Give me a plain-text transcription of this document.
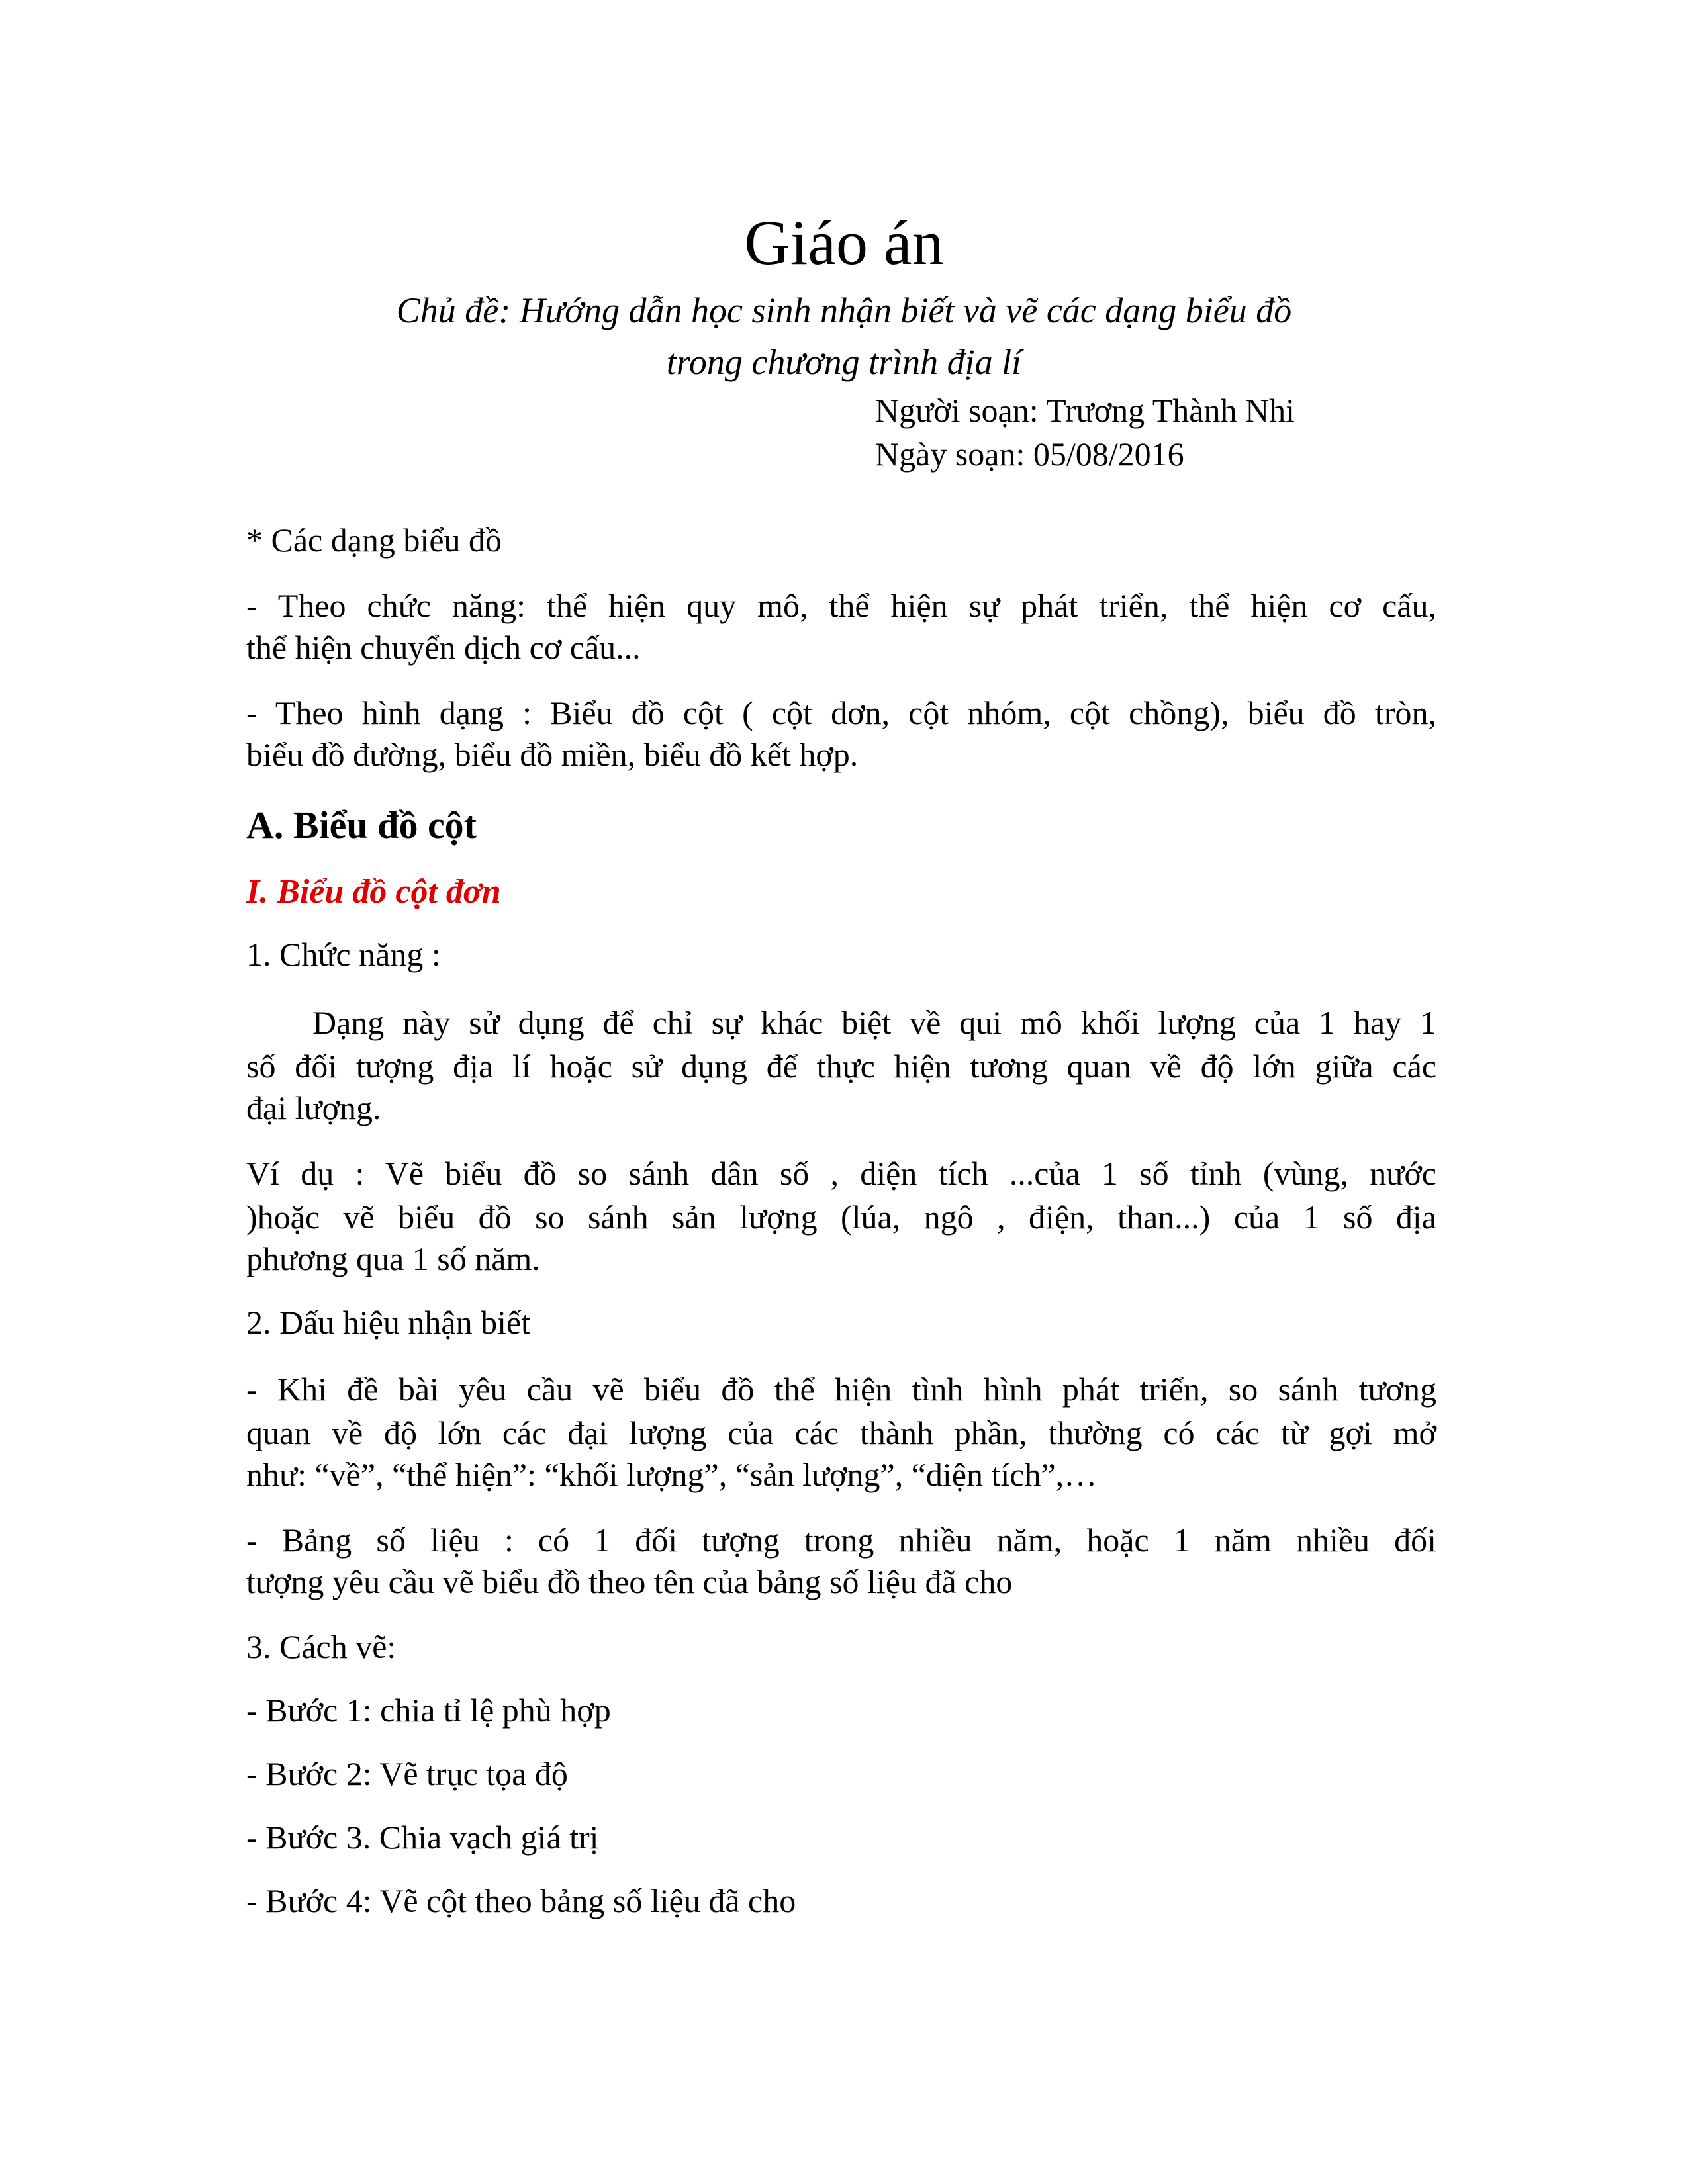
Giáo án
Chủ đề: Hướng dẫn học sinh nhận biết và vẽ các dạng biểu đồ
trong chương trình địa lí
Người soạn: Trương Thành Nhi
Ngày soạn: 05/08/2016
* Các dạng biểu đồ
- Theo chức năng: thể hiện quy mô, thể hiện sự phát triển, thể hiện cơ cấu,
thể hiện chuyển dịch cơ cấu...
- Theo hình dạng : Biểu đồ cột ( cột dơn, cột nhóm, cột chồng), biểu đồ tròn,
biểu đồ đường, biểu đồ miền, biểu đồ kết hợp.
A. Biểu đồ cột
I. Biểu đồ cột đơn
1. Chức năng :
Dạng này sử dụng để chỉ sự khác biệt về qui mô khối lượng của 1 hay 1
số đối tượng địa lí hoặc sử dụng để thực hiện tương quan về độ lớn giữa các
đại lượng.
Ví dụ : Vẽ biểu đồ so sánh dân số , diện tích ...của 1 số tỉnh (vùng, nước
)hoặc vẽ biểu đồ so sánh sản lượng (lúa, ngô , điện, than...) của 1 số địa
phương qua 1 số năm.
2. Dấu hiệu nhận biết
- Khi đề bài yêu cầu vẽ biểu đồ thể hiện tình hình phát triển, so sánh tương
quan về độ lớn các đại lượng của các thành phần, thường có các từ gợi mở
như: “về”, “thể hiện”: “khối lượng”, “sản lượng”, “diện tích”,…
- Bảng số liệu : có 1 đối tượng trong nhiều năm, hoặc 1 năm nhiều đối
tượng yêu cầu vẽ biểu đồ theo tên của bảng số liệu đã cho
3. Cách vẽ:
- Bước 1: chia tỉ lệ phù hợp
- Bước 2: Vẽ trục tọa độ
- Bước 3. Chia vạch giá trị
- Bước 4: Vẽ cột theo bảng số liệu đã cho
